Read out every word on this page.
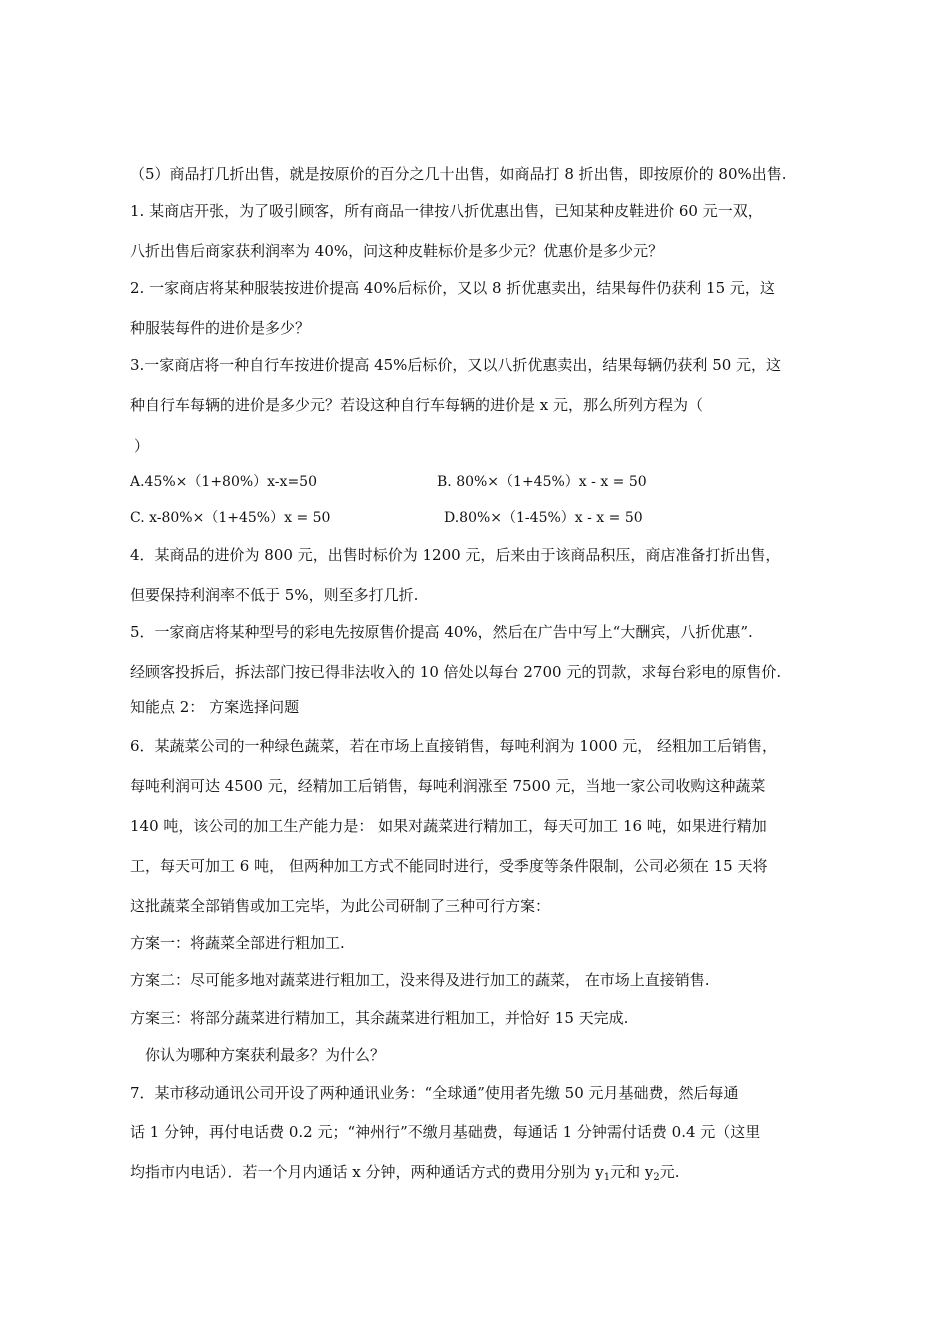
（5）商品打几折出售，就是按原价的百分之几十出售，如商品打 8 折出售，即按原价的 80%出售.
1. 某商店开张，为了吸引顾客，所有商品一律按八折优惠出售，已知某种皮鞋进价 60 元一双，
八折出售后商家获利润率为 40%，问这种皮鞋标价是多少元？优惠价是多少元？
2. 一家商店将某种服装按进价提高 40%后标价，又以 8 折优惠卖出，结果每件仍获利 15 元，这
种服装每件的进价是多少？
3.一家商店将一种自行车按进价提高 45%后标价，又以八折优惠卖出，结果每辆仍获利 50 元，这
种自行车每辆的进价是多少元？若设这种自行车每辆的进价是 x 元，那么所列方程为（
）
A.45%×（1+80%）x-x=50	B. 80%×（1+45%）x - x = 50
C. x-80%×（1+45%）x = 50	D.80%×（1-45%）x - x = 50
4．某商品的进价为 800 元，出售时标价为 1200 元，后来由于该商品积压，商店准备打折出售，
但要保持利润率不低于 5%，则至多打几折.
5．一家商店将某种型号的彩电先按原售价提高 40%，然后在广告中写上“大酬宾，八折优惠”.
经顾客投拆后，拆法部门按已得非法收入的 10 倍处以每台 2700 元的罚款，求每台彩电的原售价.
知能点 2： 方案选择问题
6．某蔬菜公司的一种绿色蔬菜，若在市场上直接销售，每吨利润为 1000 元， 经粗加工后销售，
每吨利润可达 4500 元，经精加工后销售，每吨利润涨至 7500 元，当地一家公司收购这种蔬菜
140 吨，该公司的加工生产能力是： 如果对蔬菜进行精加工，每天可加工 16 吨，如果进行精加
工，每天可加工 6 吨， 但两种加工方式不能同时进行，受季度等条件限制，公司必须在 15 天将
这批蔬菜全部销售或加工完毕，为此公司研制了三种可行方案：
方案一：将蔬菜全部进行粗加工.
方案二：尽可能多地对蔬菜进行粗加工，没来得及进行加工的蔬菜， 在市场上直接销售.
方案三：将部分蔬菜进行精加工，其余蔬菜进行粗加工，并恰好 15 天完成.
你认为哪种方案获利最多？为什么？
7．某市移动通讯公司开设了两种通讯业务：“全球通”使用者先缴 50 元月基础费，然后每通
话 1 分钟，再付电话费 0.2 元；“神州行”不缴月基础费，每通话 1 分钟需付话费 0.4 元（这里
均指市内电话）．若一个月内通话 x 分钟，两种通话方式的费用分别为 $y_1$元和 $y_2$元.
